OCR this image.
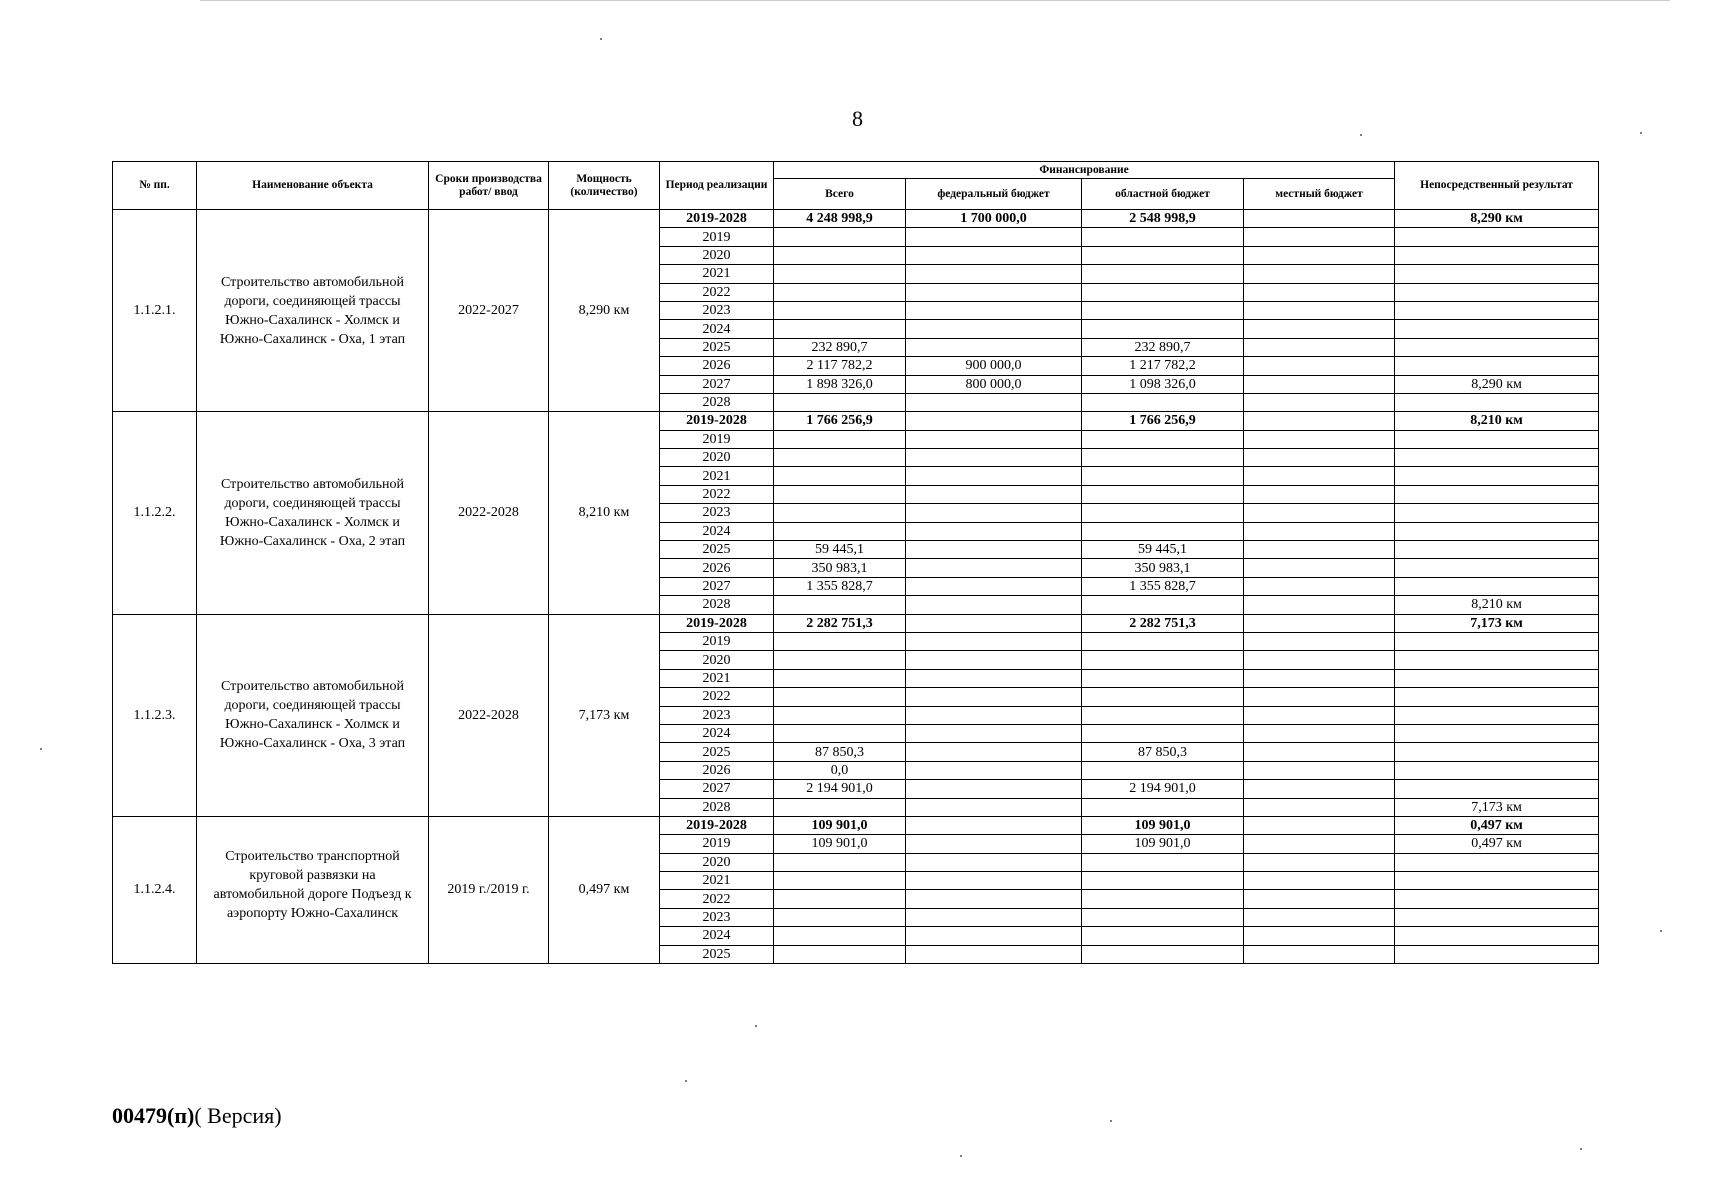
8
№ пп.	Наименование объекта	Сроки производства работ/ ввод	Мощность (количество)	Период реализации	Финансирование				Непосредственный результат
					Всего	федеральный бюджет	областной бюджет	местный бюджет	
1.1.2.1.	Строительство автомобильной дороги, соединяющей трассы Южно-Сахалинск - Холмск и Южно-Сахалинск - Оха, 1 этап	2022-2027	8,290 км	2019-2028	4 248 998,9	1 700 000,0	2 548 998,9		8,290 км
				2019					
				2020					
				2021					
				2022					
				2023					
				2024					
				2025	232 890,7		232 890,7		
				2026	2 117 782,2	900 000,0	1 217 782,2		
				2027	1 898 326,0	800 000,0	1 098 326,0		8,290 км
				2028					
1.1.2.2.	Строительство автомобильной дороги, соединяющей трассы Южно-Сахалинск - Холмск и Южно-Сахалинск - Оха, 2 этап	2022-2028	8,210 км	2019-2028	1 766 256,9		1 766 256,9		8,210 км
				2019					
				2020					
				2021					
				2022					
				2023					
				2024					
				2025	59 445,1		59 445,1		
				2026	350 983,1		350 983,1		
				2027	1 355 828,7		1 355 828,7		
				2028					8,210 км
1.1.2.3.	Строительство автомобильной дороги, соединяющей трассы Южно-Сахалинск - Холмск и Южно-Сахалинск - Оха, 3 этап	2022-2028	7,173 км	2019-2028	2 282 751,3		2 282 751,3		7,173 км
				2019					
				2020					
				2021					
				2022					
				2023					
				2024					
				2025	87 850,3		87 850,3		
				2026	0,0				
				2027	2 194 901,0		2 194 901,0		
				2028					7,173 км
1.1.2.4.	Строительство транспортной круговой развязки на автомобильной дороге Подъезд к аэропорту Южно-Сахалинск	2019 г./2019 г.	0,497 км	2019-2028	109 901,0		109 901,0		0,497 км
				2019	109 901,0		109 901,0		0,497 км
				2020					
				2021					
				2022					
				2023					
				2024					
				2025					
00479(п)( Версия)
